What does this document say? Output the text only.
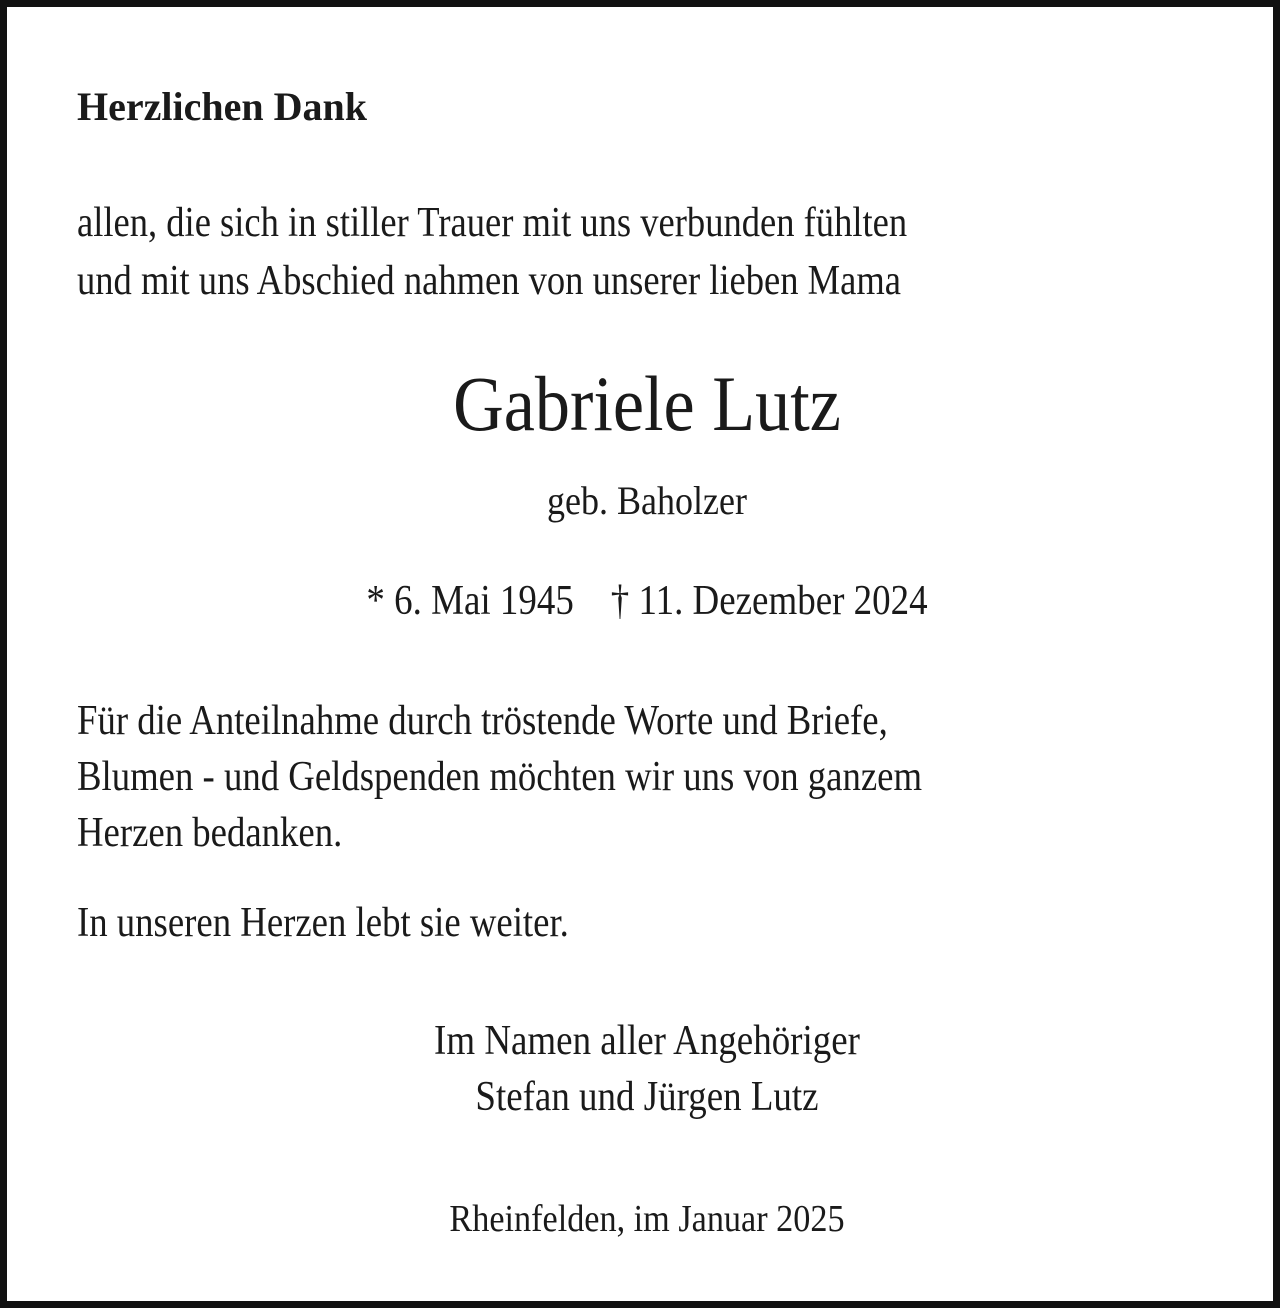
Herzlichen Dank
allen, die sich in stiller Trauer mit uns verbunden fühlten
und mit uns Abschied nahmen von unserer lieben Mama
Gabriele Lutz
geb. Baholzer
* 6. Mai 1945 † 11. Dezember 2024
Für die Anteilnahme durch tröstende Worte und Briefe,
Blumen - und Geldspenden möchten wir uns von ganzem
Herzen bedanken.
In unseren Herzen lebt sie weiter.
Im Namen aller Angehöriger
Stefan und Jürgen Lutz
Rheinfelden, im Januar 2025
